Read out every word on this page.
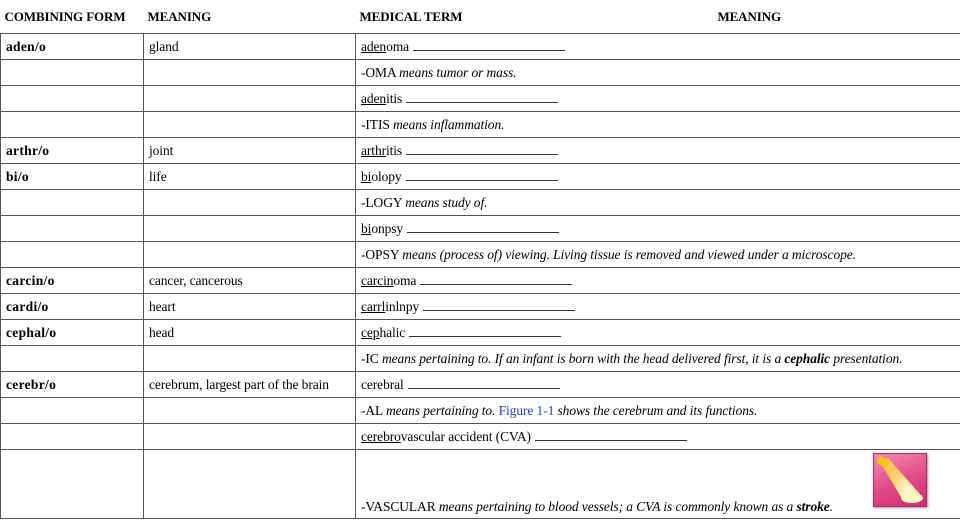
COMBINING FORM	MEANING	MEDICAL TERM MEANING
aden/o	gland	adenoma
		-OMA means tumor or mass.
		adenitis
		-ITIS means inflammation.
arthr/o	joint	arthritis
bi/o	life	biolopy
		-LOGY means study of.
		bionpsy
		-OPSY means (process of) viewing. Living tissue is removed and viewed under a microscope.
carcin/o	cancer, cancerous	carcinoma
cardi/o	heart	carrlinlnpy
cephal/o	head	cephalic
		-IC means pertaining to. If an infant is born with the head delivered first, it is a cephalic presentation.
cerebr/o	cerebrum, largest part of the brain	cerebral
		-AL means pertaining to. Figure 1-1 shows the cerebrum and its functions.
		cerebrovascular accident (CVA)
		-VASCULAR means pertaining to blood vessels; a CVA is commonly known as a stroke.
